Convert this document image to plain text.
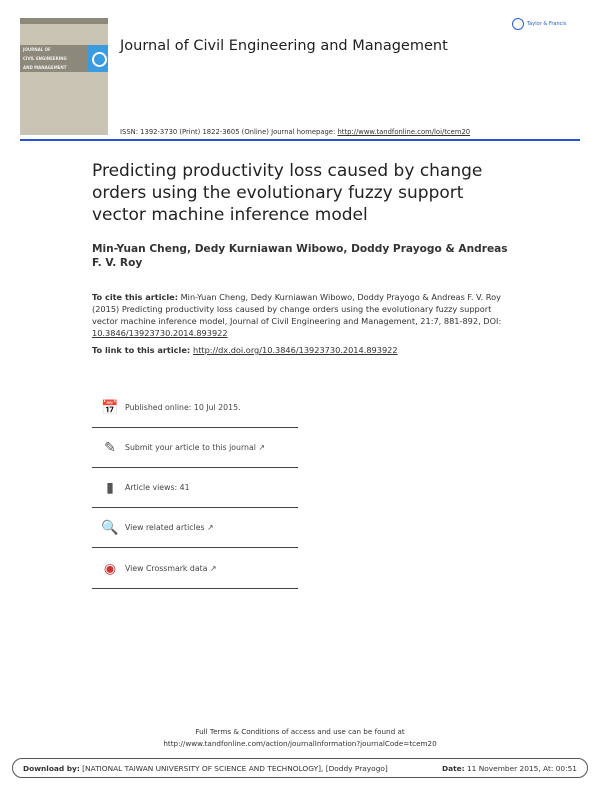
JOURNAL OF
CIVIL ENGINEERING
AND MANAGEMENT
Journal of Civil Engineering and Management
Taylor & Francis
ISSN: 1392-3730 (Print) 1822-3605 (Online) Journal homepage: http://www.tandfonline.com/loi/tcem20
Predicting productivity loss caused by change orders using the evolutionary fuzzy support vector machine inference model
Min-Yuan Cheng, Dedy Kurniawan Wibowo, Doddy Prayogo & Andreas F. V. Roy
To cite this article: Min-Yuan Cheng, Dedy Kurniawan Wibowo, Doddy Prayogo & Andreas F. V. Roy (2015) Predicting productivity loss caused by change orders using the evolutionary fuzzy support vector machine inference model, Journal of Civil Engineering and Management, 21:7, 881-892, DOI: 10.3846/13923730.2014.893922
To link to this article: http://dx.doi.org/10.3846/13923730.2014.893922
📅 Published online: 10 Jul 2015.
✎	Submit your article to this journal
↗
▮	Article views: 41
🔍 View related articles
↗
◉	View Crossmark data
↗
Full Terms & Conditions of access and use can be found at
http://www.tandfonline.com/action/journalInformation?journalCode=tcem20
Download by: [NATIONAL TAIWAN UNIVERSITY OF SCIENCE AND TECHNOLOGY], [Doddy Prayogo]	Date: 11 November 2015, At: 00:51
